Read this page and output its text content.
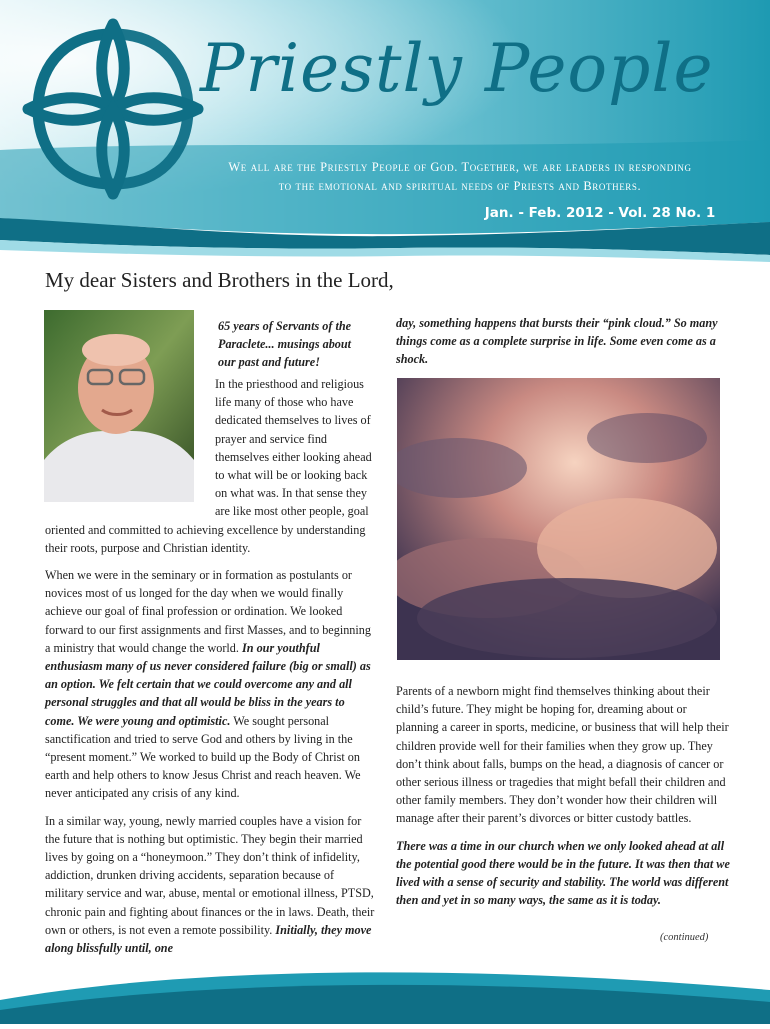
Priestly People
We all are the Priestly People of God. Together, we are leaders in responding
to the emotional and spiritual needs of Priests and Brothers.
Jan. - Feb. 2012 - Vol. 28 No. 1
My dear Sisters and Brothers in the Lord,

65 years of Servants of the Paraclete... musings about our past and future!

In the priesthood and religious life many of those who have dedicated themselves to lives of prayer and service find themselves either looking ahead to what will be or looking back on what was. In that sense they are like most other people, goal oriented and committed to achieving excellence by understanding their roots, purpose and Christian identity.

When we were in the seminary or in formation as postulants or novices most of us longed for the day when we would finally achieve our goal of final profession or ordination. We looked forward to our first assignments and first Masses, and to beginning a ministry that would change the world. In our youthful enthusiasm many of us never considered failure (big or small) as an option. We felt certain that we could overcome any and all personal struggles and that all would be bliss in the years to come. We were young and optimistic. We sought personal sanctification and tried to serve God and others by living in the “present moment.” We worked to build up the Body of Christ on earth and help others to know Jesus Christ and reach heaven. We never anticipated any crisis of any kind.

In a similar way, young, newly married couples have a vision for the future that is nothing but optimistic. They begin their married lives by going on a “honeymoon.” They don’t think of infidelity, addiction, drunken driving accidents, separation because of military service and war, abuse, mental or emotional illness, PTSD, chronic pain and fighting about finances or the in laws. Death, their own or others, is not even a remote possibility. Initially, they move along blissfully until, one

day, something happens that bursts their “pink cloud.” So many things come as a complete surprise in life. Some even come as a shock.

Parents of a newborn might find themselves thinking about their child’s future. They might be hoping for, dreaming about or planning a career in sports, medicine, or business that will help their children provide well for their families when they grow up. They don’t think about falls, bumps on the head, a diagnosis of cancer or other serious illness or tragedies that might befall their children and other family members. They don’t wonder how their children will manage after their parent’s divorces or bitter custody battles.

There was a time in our church when we only looked ahead at all the potential good there would be in the future. It was then that we lived with a sense of security and stability. The world was different then and yet in so many ways, the same as it is today.

(continued)
